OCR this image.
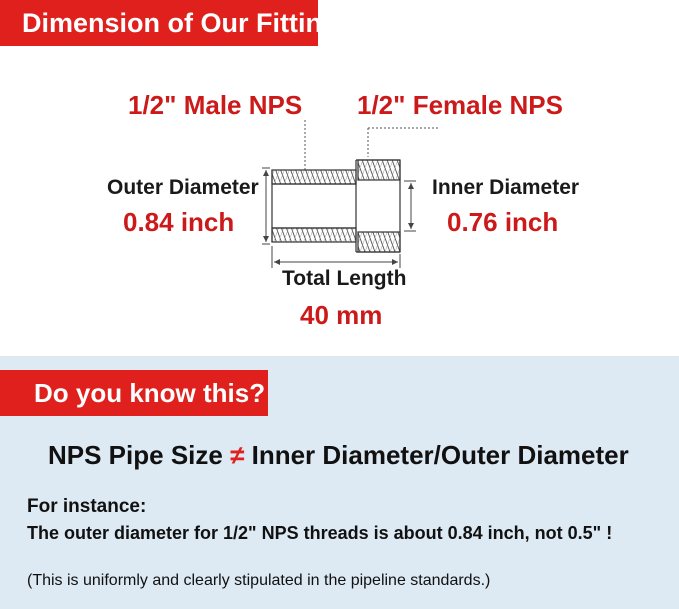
Dimension of Our Fitting
1/2" Male NPS 1/2" Female NPS
Outer Diameter
0.84 inch
Inner Diameter
0.76 inch
Total Length
40 mm
Do you know this?
NPS Pipe Size ≠ Inner Diameter/Outer Diameter
For instance:
The outer diameter for 1/2" NPS threads is about 0.84 inch, not 0.5" !
(This is uniformly and clearly stipulated in the pipeline standards.)
